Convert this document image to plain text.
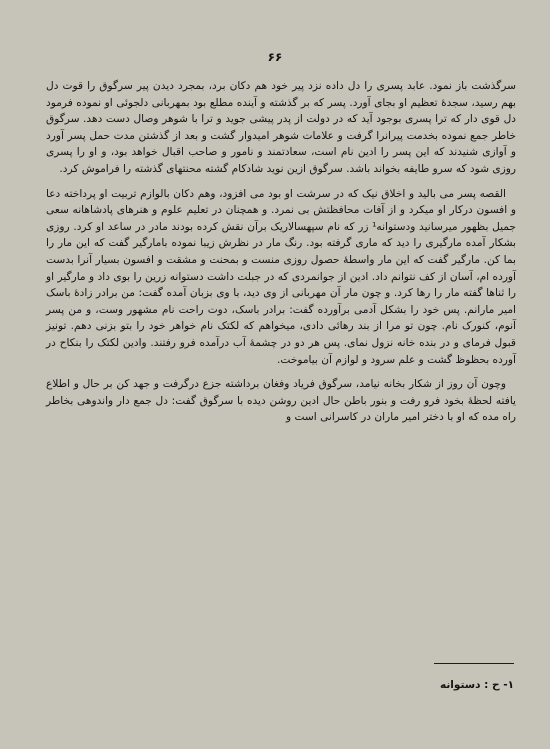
۶۶

سرگذشت باز نمود. عابد پسری را دل داده نزد پیر خود هم دکان برد، بمجرد دیدن پیر سرگوق را قوت دل بهم رسید، سجدهٔ تعظیم او بجای آورد. پسر که بر گذشته و آینده مطلع بود بمهربانی دلجوئی او نموده فرمود دل قوی دار که ترا پسری بوجود آید که در دولت از پدر پیشی جوید و ترا با شوهر وصال دست دهد. سرگوق خاطر جمع نموده بخدمت پیرانرا گرفت و علامات شوهر امیدوار گشت و بعد از گذشتن مدت حمل پسر آورد و آوازی شنیدند که این پسر را ادین نام است، سعادتمند و نامور و صاحب اقبال خواهد بود، و او را پسری روزی شود که سرو طایفه بخواند باشد. سرگوق ازین نوید شادکام گشته محنتهای گذشته را فراموش کرد.

القصه پسر می بالید و اخلاق نیک که در سرشت او بود می افزود، وهم دکان بالوازم تربیت او پرداخته دعا و افسون درکار او میکرد و از آفات محافظتش بی نمرد. و همچنان در تعلیم علوم و هنرهای پادشاهانه سعی جمیل بظهور میرسانید ودستوانه¹ زر که نام سپهسالاریک برآن نقش کرده بودند مادر در ساعد او کرد. روزی بشکار آمده مارگیری را دید که ماری گرفته بود. رنگ مار در نظرش زیبا نموده بامارگیر گفت که این مار را بما کن. مارگیر گفت که این مار واسطهٔ حصول روزی منست و بمحنت و مشقت و افسون بسیار آنرا بدست آورده ام، آسان از کف نتوانم داد. ادین از جوانمردی که در جبلت داشت دستوانه زرین را بوی داد و مارگیر او را ثناها گفته مار را رها کرد. و چون مار آن مهربانی از وی دید، با وی بزبان آمده گفت: من برادر زادهٔ باسک امیر مارانم. پس خود را بشکل آدمی برآورده گفت: برادر باسک، دوت راحت نام مشهور وست، و من پسر آنوم، کنورک نام. چون تو مرا از بند رهائی دادی، میخواهم که لکتک نام خواهر خود را بتو بزنی دهم. تونیز قبول فرمای و در بنده خانه نزول نمای. پس هر دو در چشمهٔ آب درآمده فرو رفتند. وادین لکتک را بنکاح در آورده بحظوظ گشت و علم سرود و لوازم آن بیاموخت.

وچون آن روز از شکار بخانه نیامد، سرگوق فریاد وفغان برداشته جزع درگرفت و جهد کن بر حال و اطلاع یافته لحظهٔ بخود فرو رفت و بنور باطن حال ادین روشن دیده با سرگوق گفت: دل جمع دار واندوهی بخاطر راه مده که او با دختر امیر ماران در کاسرانی است و

۱- ح : دستوانه
